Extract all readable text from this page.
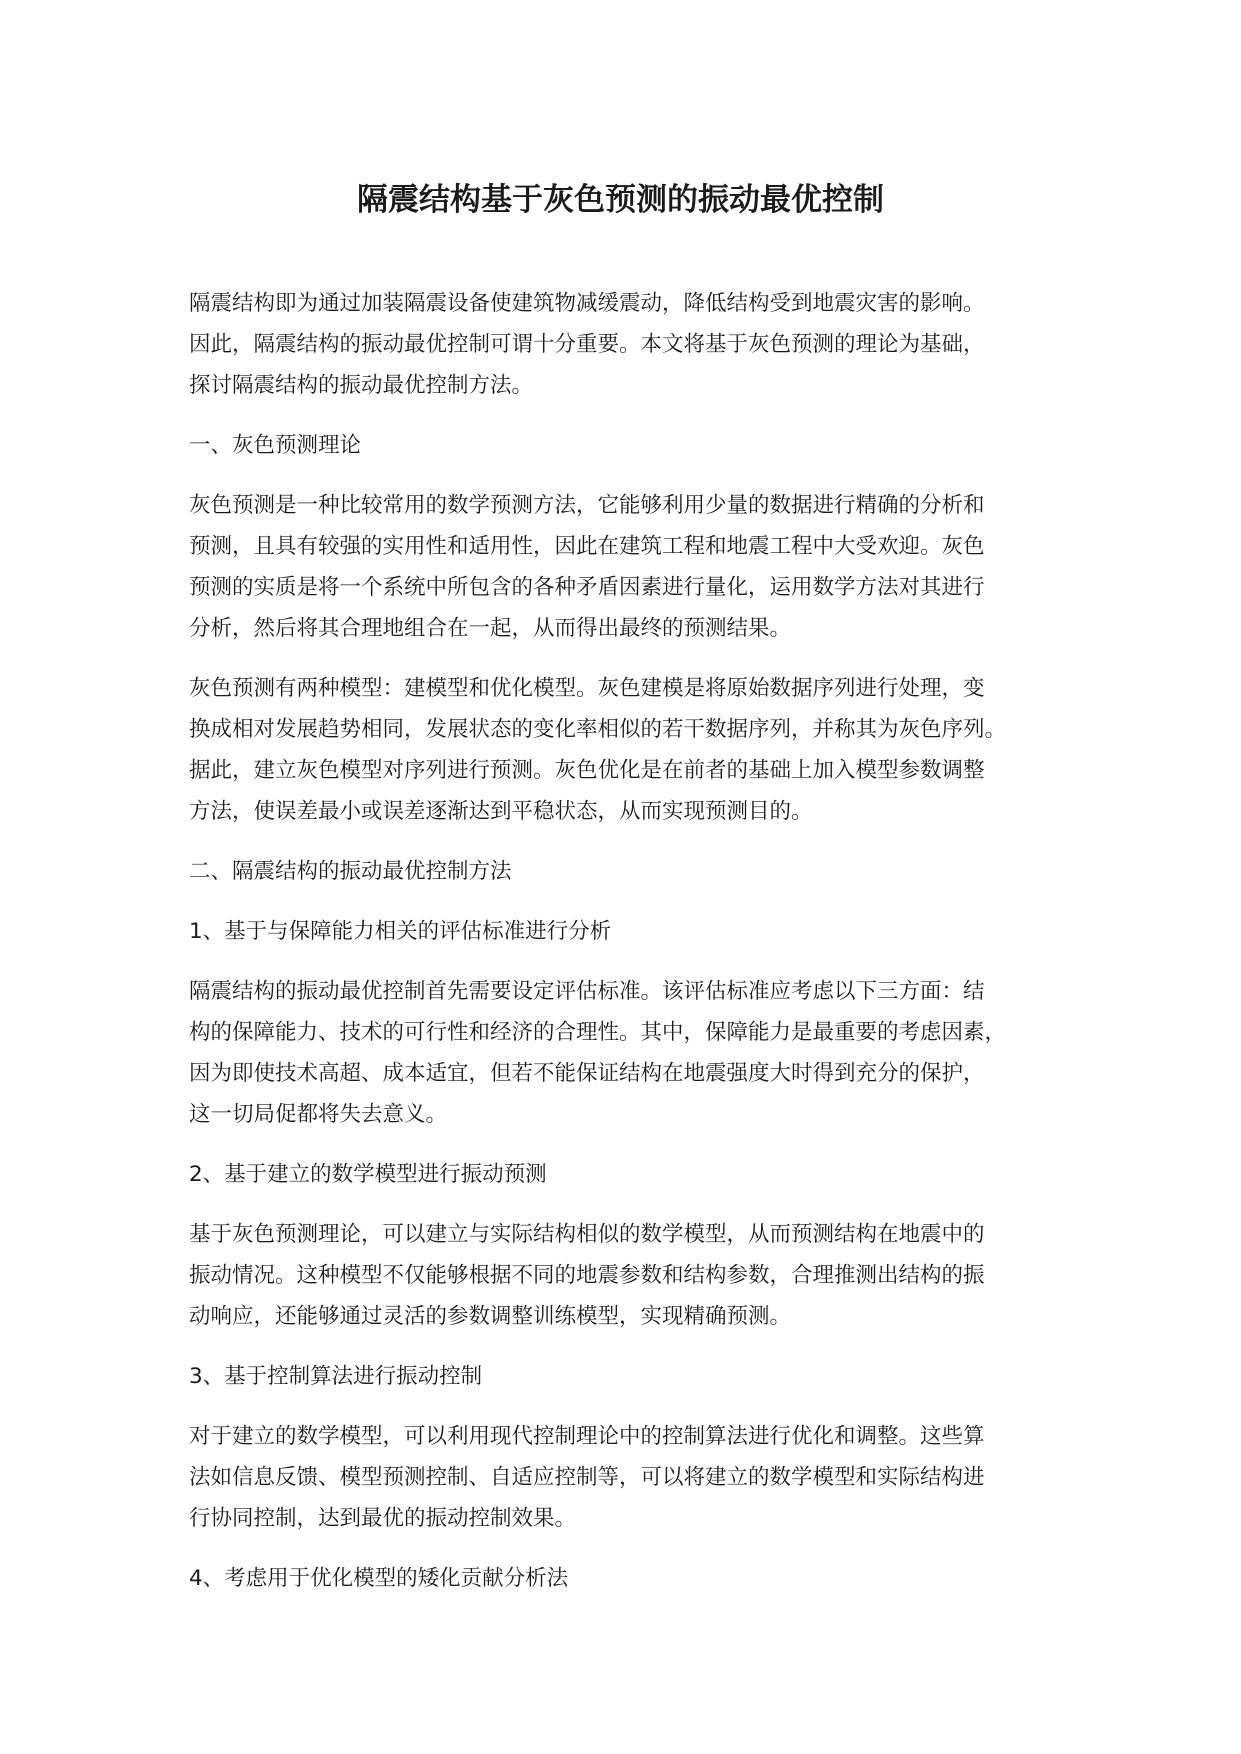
隔震结构基于灰色预测的振动最优控制
隔震结构即为通过加装隔震设备使建筑物减缓震动，降低结构受到地震灾害的影响。
因此，隔震结构的振动最优控制可谓十分重要。本文将基于灰色预测的理论为基础，
探讨隔震结构的振动最优控制方法。
一、灰色预测理论
灰色预测是一种比较常用的数学预测方法，它能够利用少量的数据进行精确的分析和
预测，且具有较强的实用性和适用性，因此在建筑工程和地震工程中大受欢迎。灰色
预测的实质是将一个系统中所包含的各种矛盾因素进行量化，运用数学方法对其进行
分析，然后将其合理地组合在一起，从而得出最终的预测结果。
灰色预测有两种模型：建模型和优化模型。灰色建模是将原始数据序列进行处理，变
换成相对发展趋势相同，发展状态的变化率相似的若干数据序列，并称其为灰色序列。
据此，建立灰色模型对序列进行预测。灰色优化是在前者的基础上加入模型参数调整
方法，使误差最小或误差逐渐达到平稳状态，从而实现预测目的。
二、隔震结构的振动最优控制方法
1、基于与保障能力相关的评估标准进行分析
隔震结构的振动最优控制首先需要设定评估标准。该评估标准应考虑以下三方面：结
构的保障能力、技术的可行性和经济的合理性。其中，保障能力是最重要的考虑因素，
因为即使技术高超、成本适宜，但若不能保证结构在地震强度大时得到充分的保护，
这一切局促都将失去意义。
2、基于建立的数学模型进行振动预测
基于灰色预测理论，可以建立与实际结构相似的数学模型，从而预测结构在地震中的
振动情况。这种模型不仅能够根据不同的地震参数和结构参数，合理推测出结构的振
动响应，还能够通过灵活的参数调整训练模型，实现精确预测。
3、基于控制算法进行振动控制
对于建立的数学模型，可以利用现代控制理论中的控制算法进行优化和调整。这些算
法如信息反馈、模型预测控制、自适应控制等，可以将建立的数学模型和实际结构进
行协同控制，达到最优的振动控制效果。
4、考虑用于优化模型的矮化贡献分析法
